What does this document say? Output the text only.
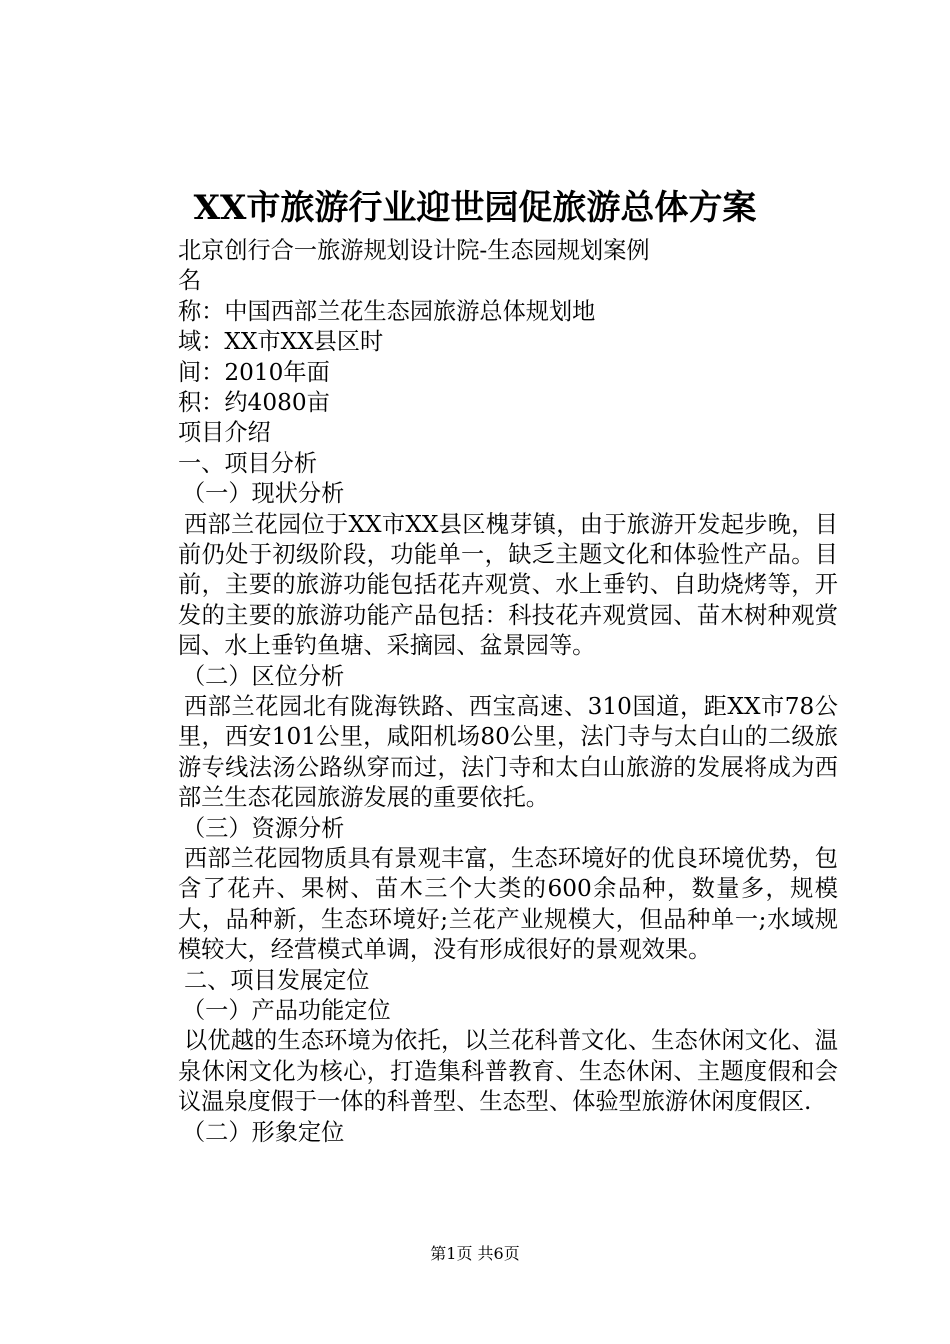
XX市旅游行业迎世园促旅游总体方案
北京创行合一旅游规划设计院-生态园规划案例
名
称：中国西部兰花生态园旅游总体规划地
域：XX市XX县区时
间：2010年面
积：约4080亩
项目介绍
一、项目分析
（一）现状分析

西部兰花园位于XX市XX县区槐芽镇，由于旅游开发起步晚，目前仍处于初级阶段，功能单一，缺乏主题文化和体验性产品。目前，主要的旅游功能包括花卉观赏、水上垂钓、自助烧烤等，开发的主要的旅游功能产品包括：科技花卉观赏园、苗木树种观赏园、水上垂钓鱼塘、采摘园、盆景园等。

（二）区位分析

西部兰花园北有陇海铁路、西宝高速、310国道，距XX市78公里，西安101公里，咸阳机场80公里，法门寺与太白山的二级旅游专线法汤公路纵穿而过，法门寺和太白山旅游的发展将成为西部兰生态花园旅游发展的重要依托。

（三）资源分析

西部兰花园物质具有景观丰富，生态环境好的优良环境优势，包含了花卉、果树、苗木三个大类的600余品种，数量多，规模大，品种新，生态环境好;兰花产业规模大，但品种单一;水域规模较大，经营模式单调，没有形成很好的景观效果。

二、项目发展定位
（一）产品功能定位

以优越的生态环境为依托，以兰花科普文化、生态休闲文化、温泉休闲文化为核心，打造集科普教育、生态休闲、主题度假和会议温泉度假于一体的科普型、生态型、体验型旅游休闲度假区.

（二）形象定位
第1页 共6页
